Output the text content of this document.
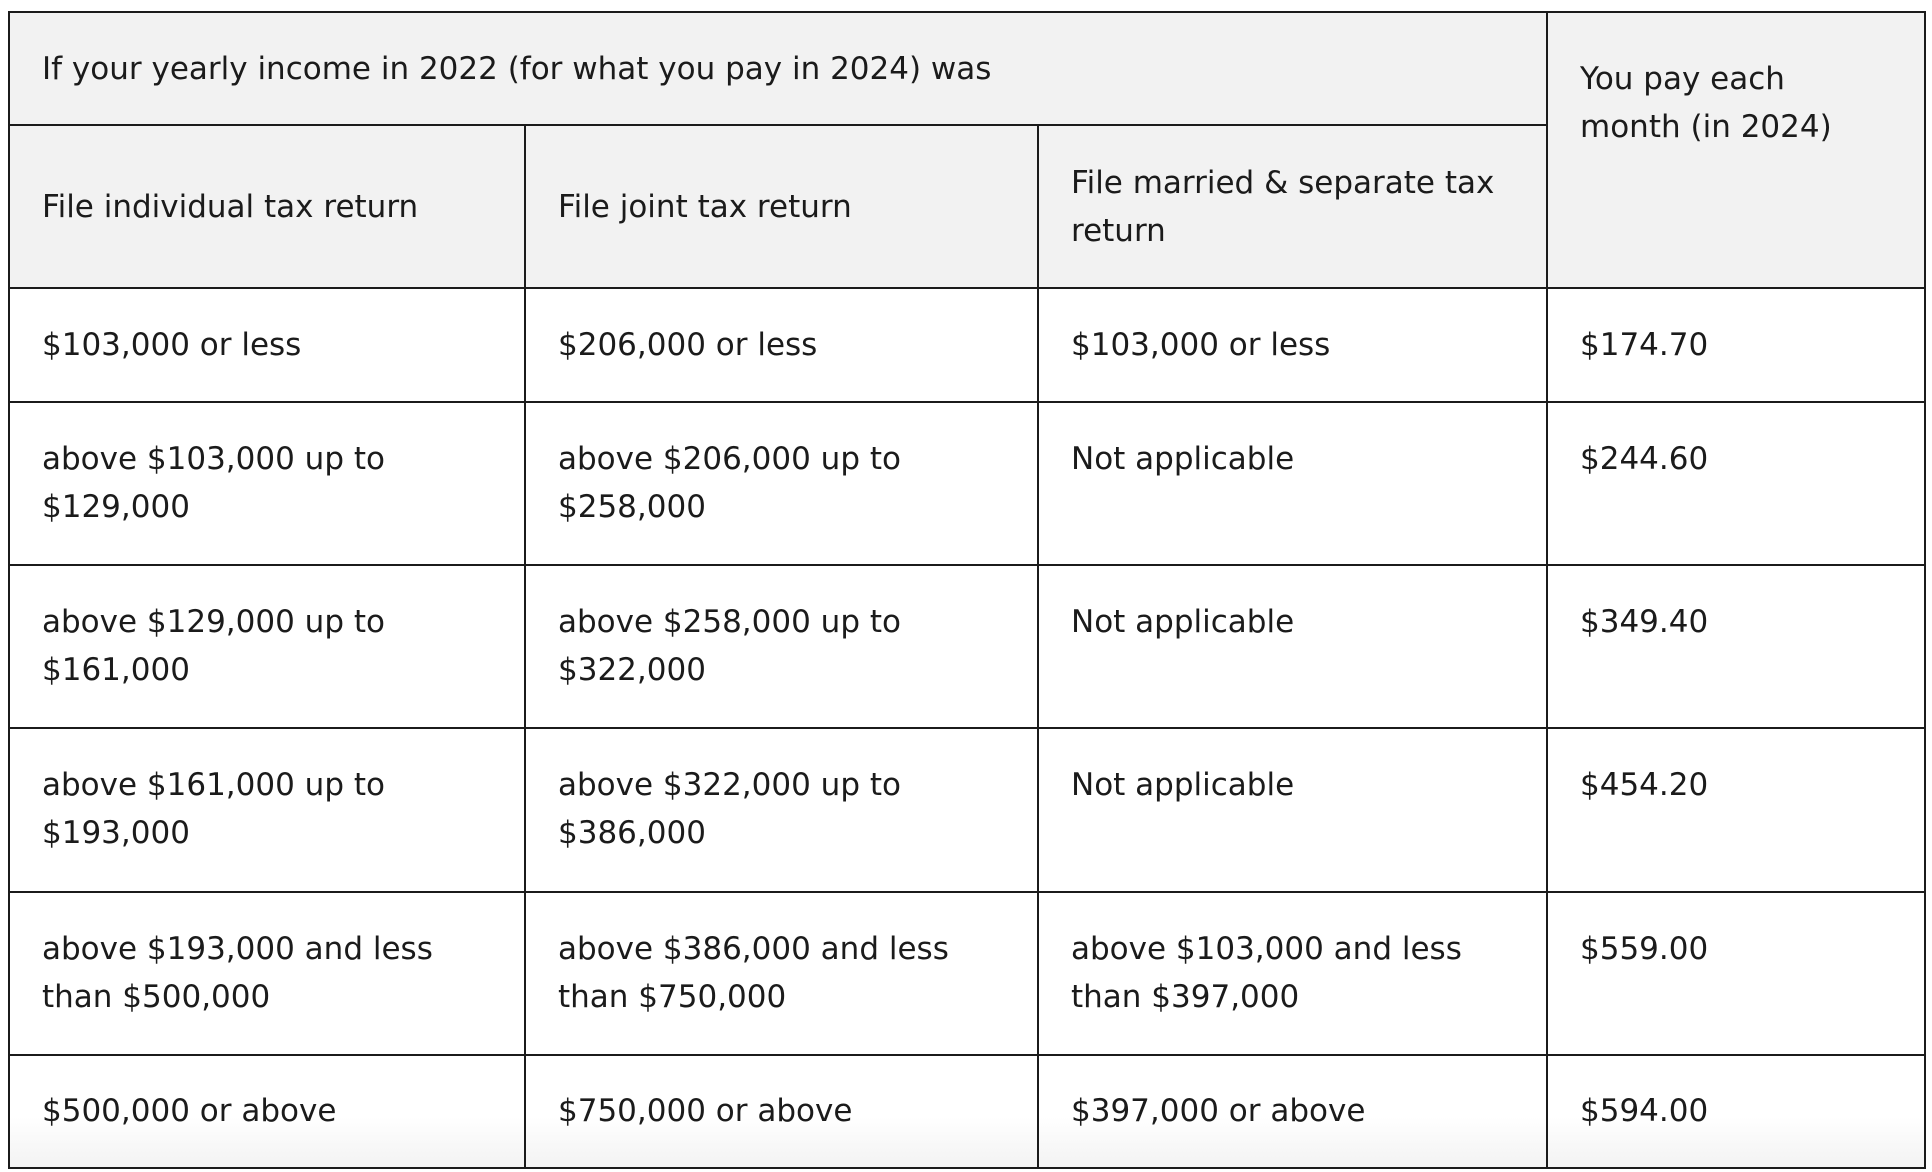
If your yearly income in 2022 (for what you pay in 2024) was			You pay each month (in 2024)
File individual tax return	File joint tax return	File married & separate tax return	
$103,000 or less	$206,000 or less	$103,000 or less	$174.70
above $103,000 up to $129,000	above $206,000 up to $258,000	Not applicable	$244.60
above $129,000 up to $161,000	above $258,000 up to $322,000	Not applicable	$349.40
above $161,000 up to $193,000	above $322,000 up to $386,000	Not applicable	$454.20
above $193,000 and less than $500,000	above $386,000 and less than $750,000	above $103,000 and less than $397,000	$559.00
$500,000 or above	$750,000 or above	$397,000 or above	$594.00
